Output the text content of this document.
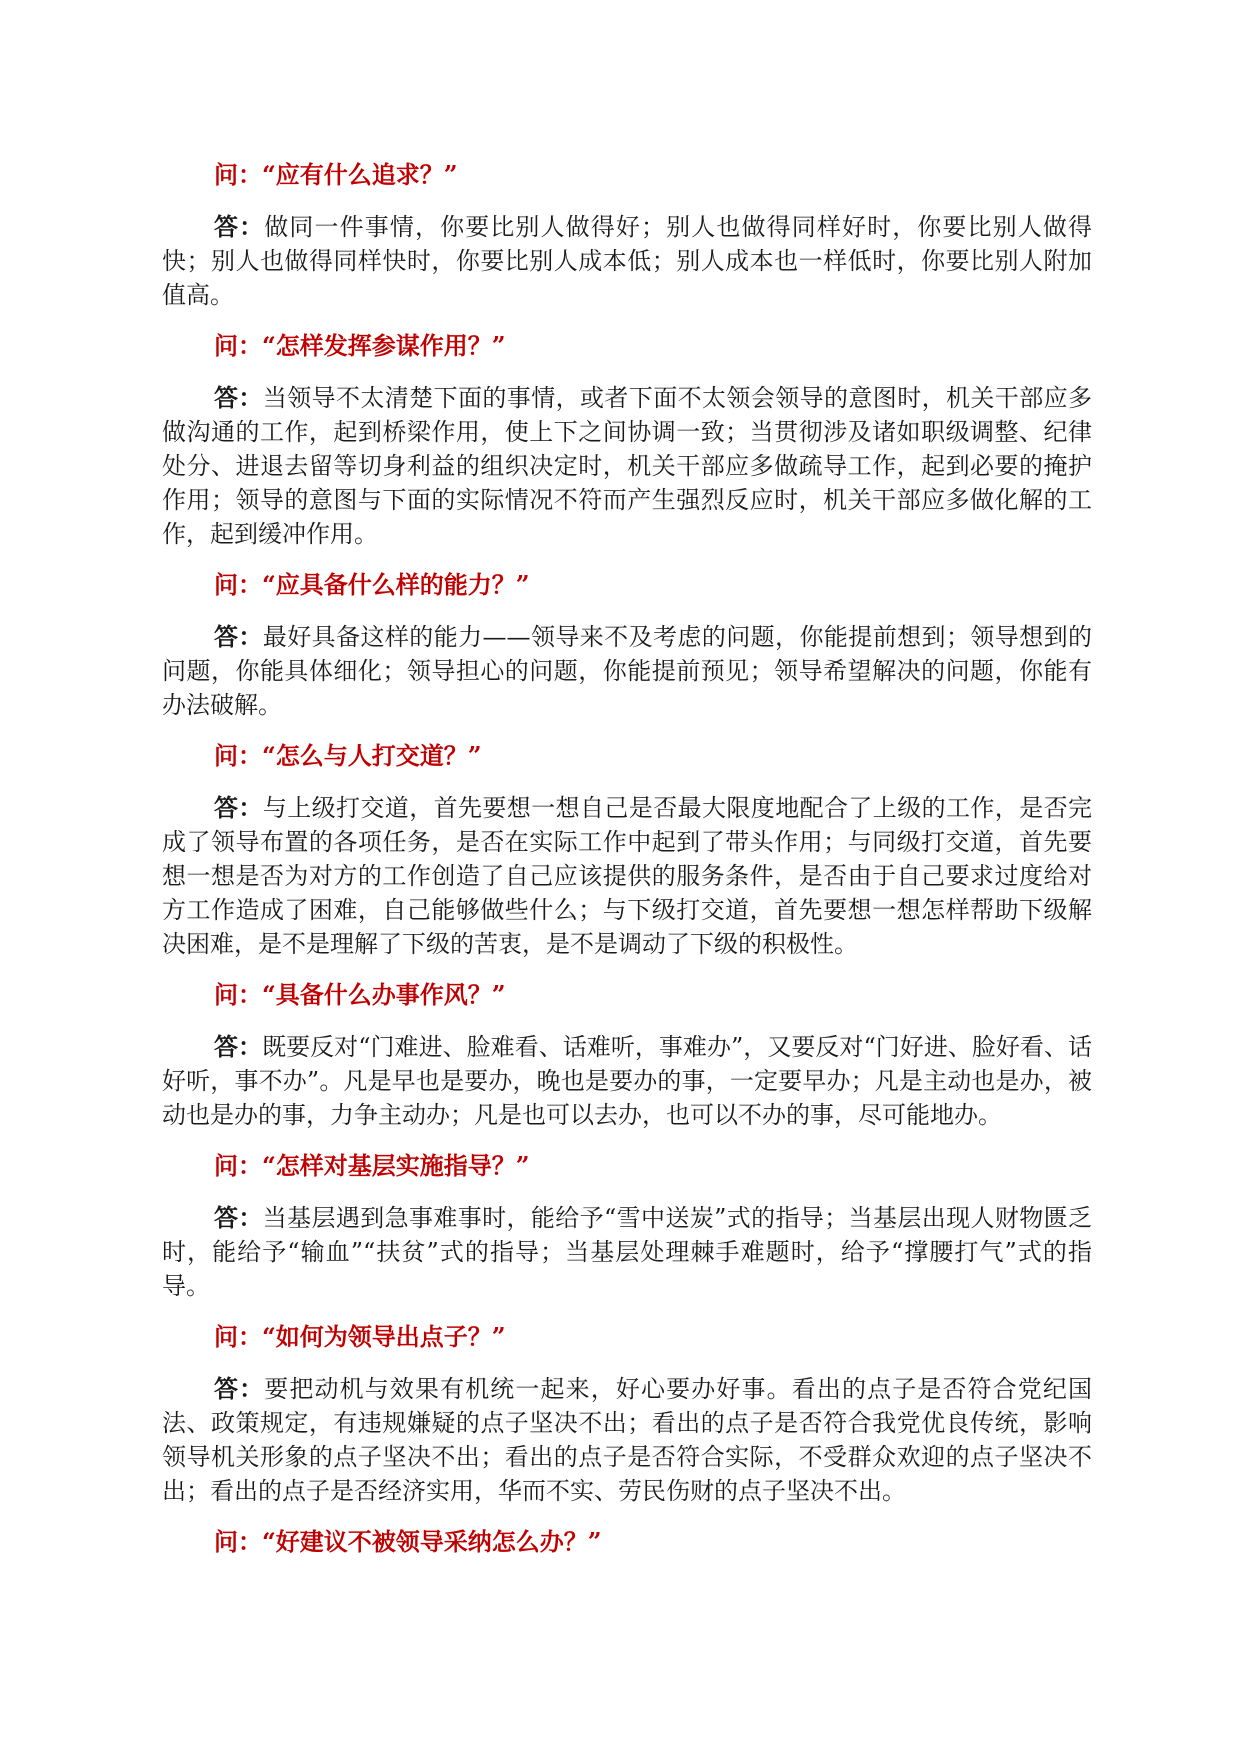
问：“应有什么追求？”

答：做同一件事情，你要比别人做得好；别人也做得同样好时，你要比别人做得快；别人也做得同样快时，你要比别人成本低；别人成本也一样低时，你要比别人附加值高。

问：“怎样发挥参谋作用？”

答：当领导不太清楚下面的事情，或者下面不太领会领导的意图时，机关干部应多做沟通的工作，起到桥梁作用，使上下之间协调一致；当贯彻涉及诸如职级调整、纪律处分、进退去留等切身利益的组织决定时，机关干部应多做疏导工作，起到必要的掩护作用；领导的意图与下面的实际情况不符而产生强烈反应时，机关干部应多做化解的工作，起到缓冲作用。

问：“应具备什么样的能力？”

答：最好具备这样的能力——领导来不及考虑的问题，你能提前想到；领导想到的问题，你能具体细化；领导担心的问题，你能提前预见；领导希望解决的问题，你能有办法破解。

问：“怎么与人打交道？”

答：与上级打交道，首先要想一想自己是否最大限度地配合了上级的工作，是否完成了领导布置的各项任务，是否在实际工作中起到了带头作用；与同级打交道，首先要想一想是否为对方的工作创造了自己应该提供的服务条件，是否由于自己要求过度给对方工作造成了困难，自己能够做些什么；与下级打交道，首先要想一想怎样帮助下级解决困难，是不是理解了下级的苦衷，是不是调动了下级的积极性。

问：“具备什么办事作风？”

答：既要反对“门难进、脸难看、话难听，事难办”，又要反对“门好进、脸好看、话好听，事不办”。凡是早也是要办，晚也是要办的事，一定要早办；凡是主动也是办，被动也是办的事，力争主动办；凡是也可以去办，也可以不办的事，尽可能地办。

问：“怎样对基层实施指导？”

答：当基层遇到急事难事时，能给予“雪中送炭”式的指导；当基层出现人财物匮乏时，能给予“输血”“扶贫”式的指导；当基层处理棘手难题时，给予“撑腰打气”式的指导。

问：“如何为领导出点子？”

答：要把动机与效果有机统一起来，好心要办好事。看出的点子是否符合党纪国法、政策规定，有违规嫌疑的点子坚决不出；看出的点子是否符合我党优良传统，影响领导机关形象的点子坚决不出；看出的点子是否符合实际，不受群众欢迎的点子坚决不出；看出的点子是否经济实用，华而不实、劳民伤财的点子坚决不出。

问：“好建议不被领导采纳怎么办？”
